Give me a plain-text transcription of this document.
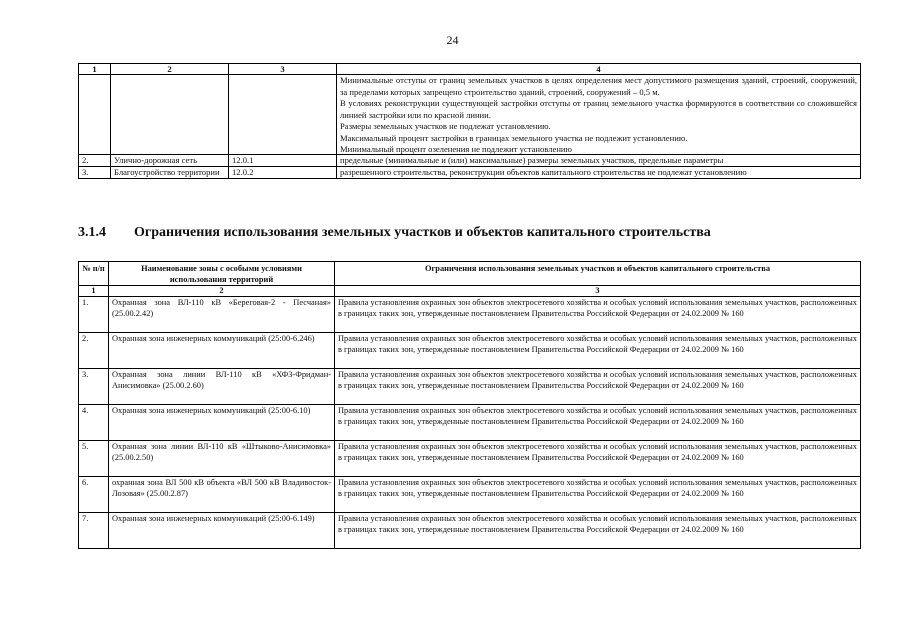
24
1	2	3	4

			Минимальные отступы от границ земельных участков в целях определения мест допустимого размещения зданий, строений, сооружений, за пределами которых запрещено строительство зданий, строений, сооружений – 0,5 м.
В условиях реконструкции существующей застройки отступы от границ земельного участка формируются в соответствии со сложившейся линией застройки или по красной линии.
Размеры земельных участков не подлежат установлению.
Максимальный процент застройки в границах земельного участка не подлежит установлению.
Минимальный процент озеленения не подлежит установлению

2.	Улично-дорожная сеть	12.0.1	предельные (минимальные и (или) максимальные) размеры земельных участков, предельные параметры
3.	Благоустройство территории	12.0.2	разрешенного строительства, реконструкции объектов капитального строительства не подлежат установлению
3.1.4 Ограничения использования земельных участков и объектов капитального строительства
№ п/п	Наименование зоны с особыми условиями использования территорий	Ограничения использования земельных участков и объектов капитального строительства
1	2	3
1.	Охранная зона ВЛ-110 кВ «Береговая-2 - Песчаная» (25.00.2.42)	Правила установления охранных зон объектов электросетевого хозяйства и особых условий использования земельных участков, расположенных в границах таких зон, утвержденные постановлением Правительства Российской Федерации от 24.02.2009 № 160
2.	Охранная зона инженерных коммуникаций (25:00-6.246)	Правила установления охранных зон объектов электросетевого хозяйства и особых условий использования земельных участков, расположенных в границах таких зон, утвержденные постановлением Правительства Российской Федерации от 24.02.2009 № 160
3.	Охранная зона линии ВЛ-110 кВ «ХФЗ-Фридман-Анисимовка» (25.00.2.60)	Правила установления охранных зон объектов электросетевого хозяйства и особых условий использования земельных участков, расположенных в границах таких зон, утвержденные постановлением Правительства Российской Федерации от 24.02.2009 № 160
4.	Охранная зона инженерных коммуникаций (25:00-6.10)	Правила установления охранных зон объектов электросетевого хозяйства и особых условий использования земельных участков, расположенных в границах таких зон, утвержденные постановлением Правительства Российской Федерации от 24.02.2009 № 160
5.	Охранная зона линии ВЛ-110 кВ «Штыково-Анисимовка» (25.00.2.50)	Правила установления охранных зон объектов электросетевого хозяйства и особых условий использования земельных участков, расположенных в границах таких зон, утвержденные постановлением Правительства Российской Федерации от 24.02.2009 № 160
6.	охранная зона ВЛ 500 кВ объекта «ВЛ 500 кВ Владивосток-Лозовая» (25.00.2.87)	Правила установления охранных зон объектов электросетевого хозяйства и особых условий использования земельных участков, расположенных в границах таких зон, утвержденные постановлением Правительства Российской Федерации от 24.02.2009 № 160
7.	Охранная зона инженерных коммуникаций (25:00-6.149)	Правила установления охранных зон объектов электросетевого хозяйства и особых условий использования земельных участков, расположенных в границах таких зон, утвержденные постановлением Правительства Российской Федерации от 24.02.2009 № 160
